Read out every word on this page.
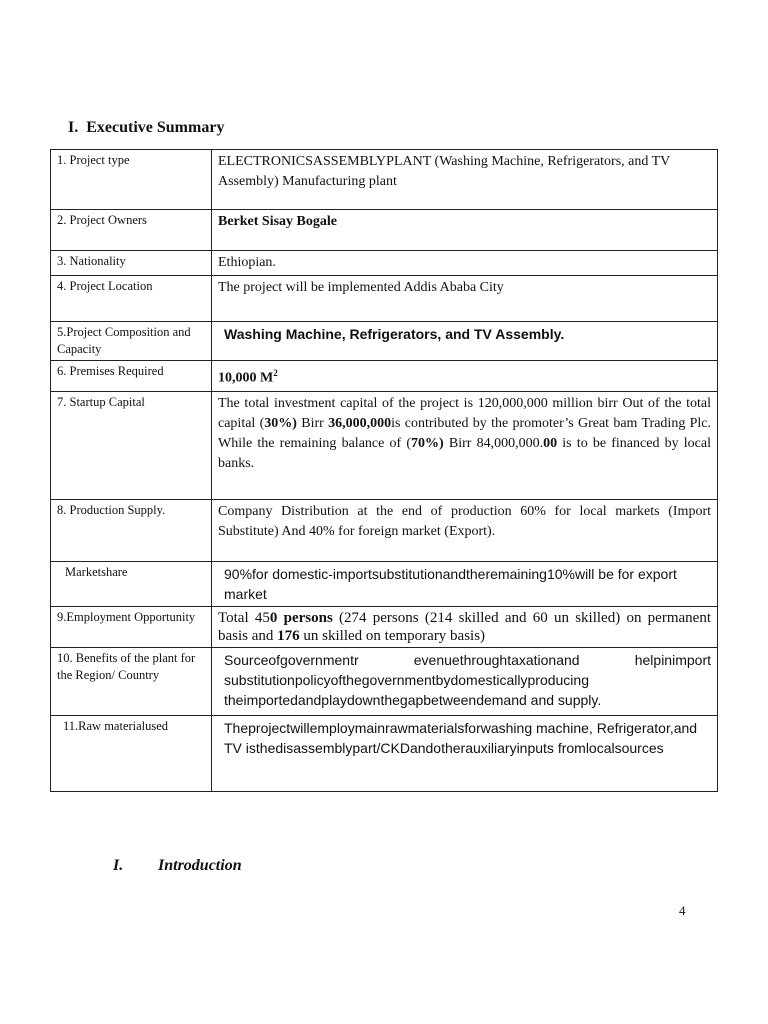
I. Executive Summary
1. Project type	ELECTRONICSASSEMBLYPLANT (Washing Machine, Refrigerators, and TV Assembly) Manufacturing plant
2. Project Owners	Berket Sisay Bogale
3. Nationality	Ethiopian.
4. Project Location	The project will be implemented Addis Ababa City
5.Project Composition and Capacity	Washing Machine, Refrigerators, and TV Assembly.
6. Premises Required	10,000 $M^2$
7. Startup Capital	The total investment capital of the project is 120,000,000 million birr Out of the total capital (30%) Birr 36,000,000is contributed by the promoter’s Great bam Trading Plc. While the remaining balance of (70%) Birr 84,000,000.00 is to be financed by local banks.
8. Production Supply.	Company Distribution at the end of production 60% for local markets (Import Substitute) And 40% for foreign market (Export).
Marketshare	90%for domestic-importsubstitutionandtheremaining10%will be for export market
9.Employment Opportunity	Total 450 persons (274 persons (214 skilled and 60 un skilled) on permanent basis and 176 un skilled on temporary basis)
10. Benefits of the plant for the Region/ Country	Sourceofgovernmentr evenuethroughtaxationand helpinimport substitutionpolicyofthegovernmentbydomesticallyproducing theimportedandplaydownthegapbetweendemand and supply.
11.Raw materialused	Theprojectwillemploymainrawmaterialsforwashing machine, Refrigerator,and TV isthedisassemblypart/CKDandotherauxiliaryinputs fromlocalsources
I. Introduction
4
